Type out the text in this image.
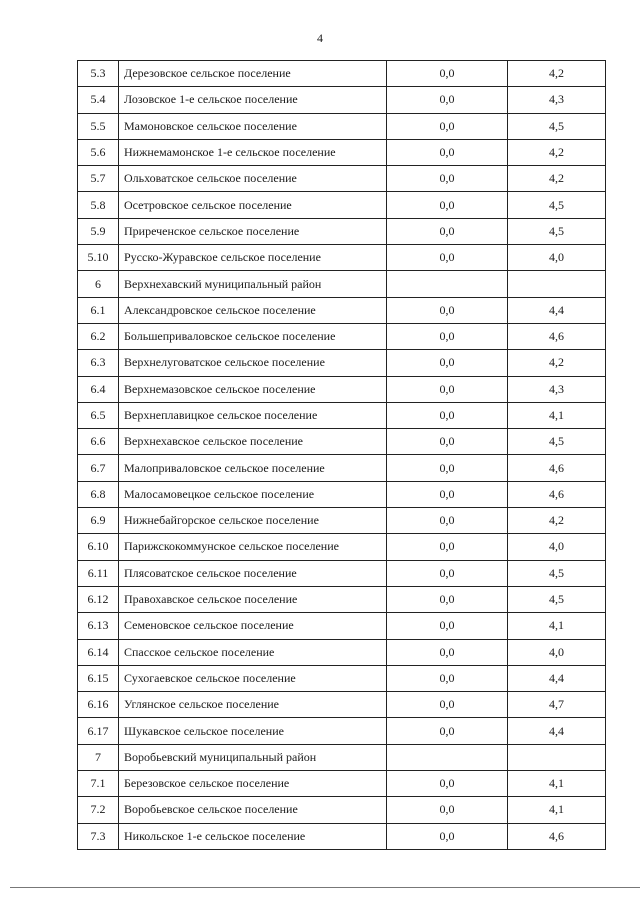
4
5.3	Дерезовское сельское поселение	0,0	4,2
5.4	Лозовское 1-е сельское поселение	0,0	4,3
5.5	Мамоновское сельское поселение	0,0	4,5
5.6	Нижнемамонское 1-е сельское поселение	0,0	4,2
5.7	Ольховатское сельское поселение	0,0	4,2
5.8	Осетровское сельское поселение	0,0	4,5
5.9	Приреченское сельское поселение	0,0	4,5
5.10	Русско-Журавское сельское поселение	0,0	4,0
6	Верхнехавский муниципальный район		
6.1	Александровское сельское поселение	0,0	4,4
6.2	Большеприваловское сельское поселение	0,0	4,6
6.3	Верхнелуговатское сельское поселение	0,0	4,2
6.4	Верхнемазовское сельское поселение	0,0	4,3
6.5	Верхнеплавицкое сельское поселение	0,0	4,1
6.6	Верхнехавское сельское поселение	0,0	4,5
6.7	Малоприваловское сельское поселение	0,0	4,6
6.8	Малосамовецкое сельское поселение	0,0	4,6
6.9	Нижнебайгорское сельское поселение	0,0	4,2
6.10	Парижскокоммунское сельское поселение	0,0	4,0
6.11	Плясоватское сельское поселение	0,0	4,5
6.12	Правохавское сельское поселение	0,0	4,5
6.13	Семеновское сельское поселение	0,0	4,1
6.14	Спасское сельское поселение	0,0	4,0
6.15	Сухогаевское сельское поселение	0,0	4,4
6.16	Углянское сельское поселение	0,0	4,7
6.17	Шукавское сельское поселение	0,0	4,4
7	Воробьевский муниципальный район		
7.1	Березовское сельское поселение	0,0	4,1
7.2	Воробьевское сельское поселение	0,0	4,1
7.3	Никольское 1-е сельское поселение	0,0	4,6
